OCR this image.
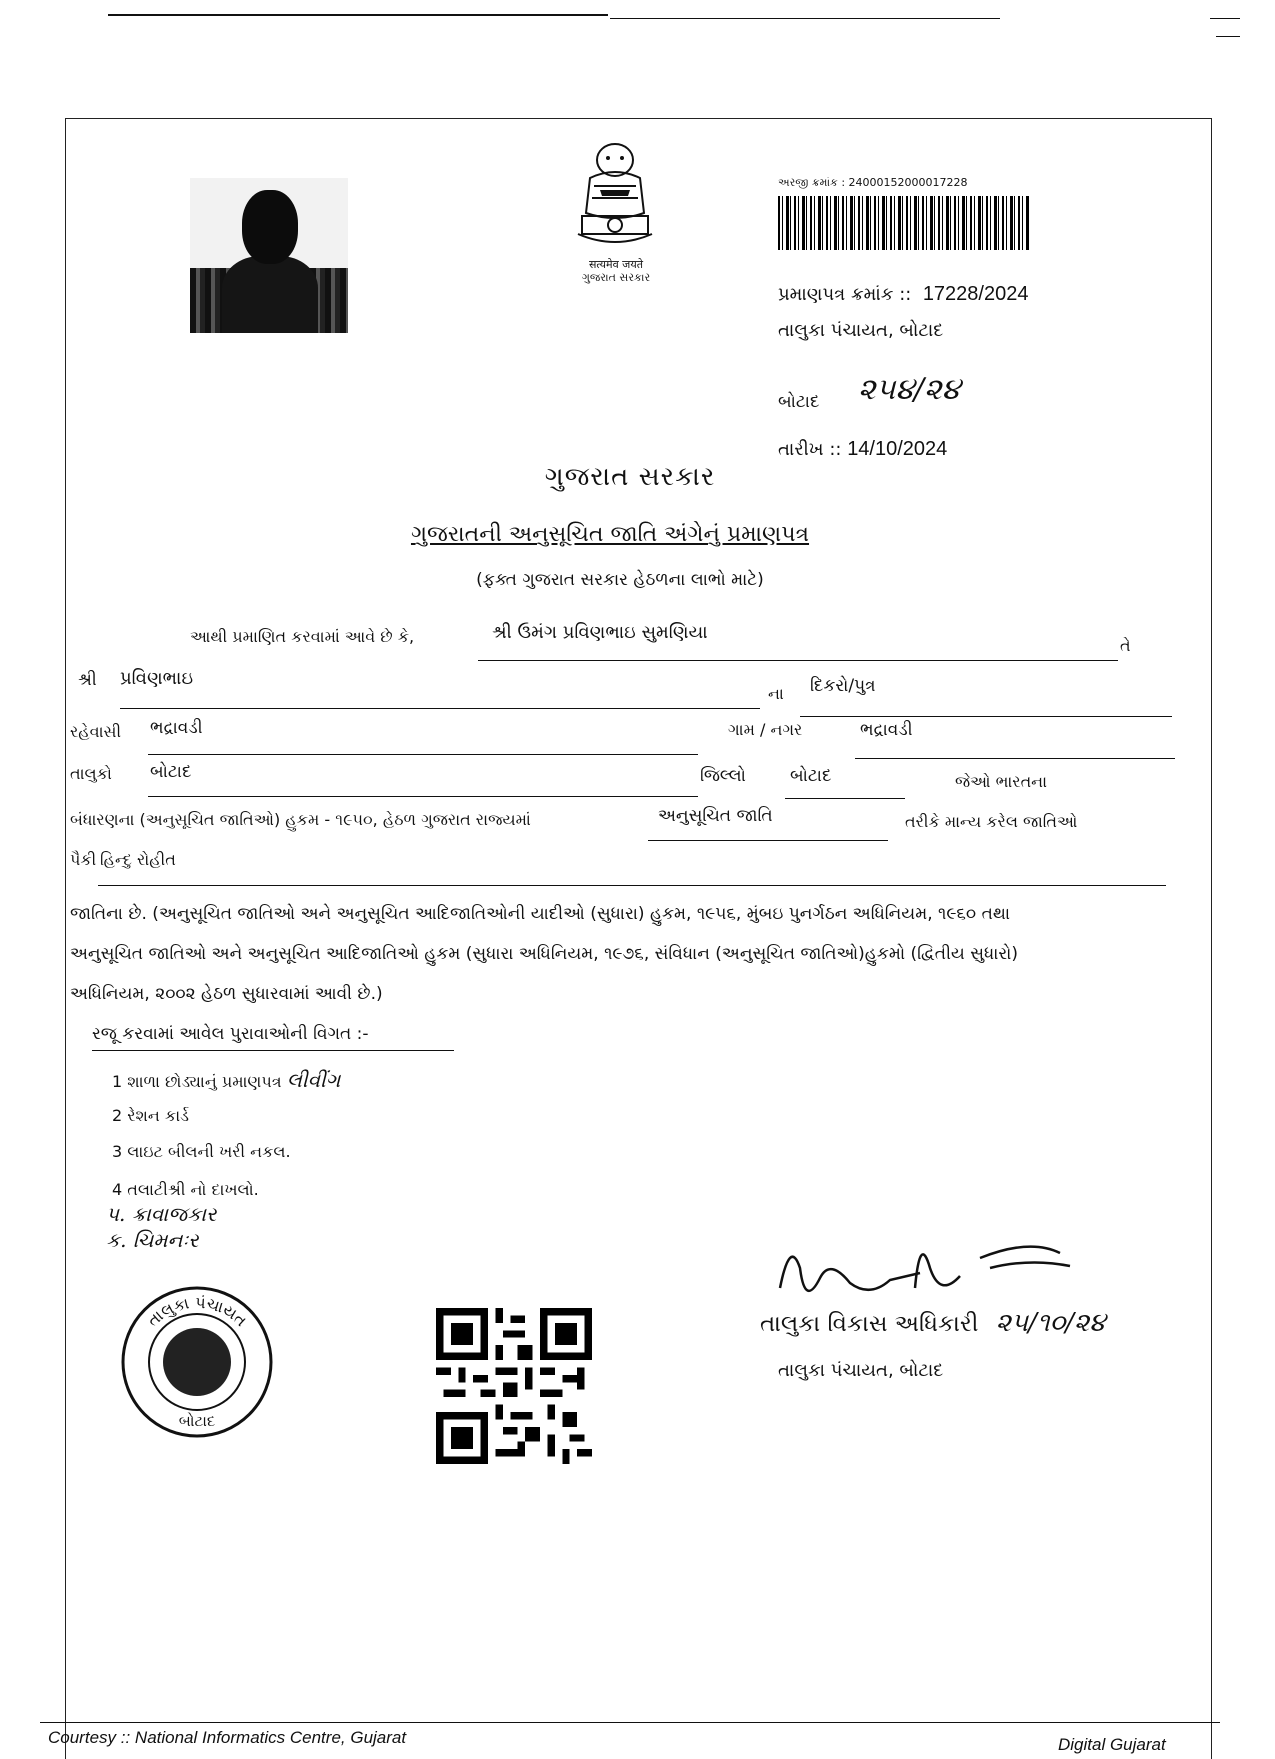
सत्यमेव जयते
ગુજરાત સરકાર
અરજી ક્રમાંક : 24000152000017228
પ્રમાણપત્ર ક્રમાંક :: 17228/2024
તાલુકા પંચાયત, બોટાદ
બોટાદ ૨૫૪/૨૪
તારીખ :: 14/10/2024
ગુજરાત સરકાર
ગુજરાતની અનુસૂચિત જાતિ અંગેનું પ્રમાણપત્ર
(ફક્ત ગુજરાત સરકાર હેઠળના લાભો માટે)
આથી પ્રમાણિત કરવામાં આવે છે કે,	શ્રી ઉમંગ પ્રવિણભાઇ સુમણિયા
તે
શ્રી પ્રવિણભાઇ
ના દિકરો/પુત્ર
રહેવાસી ભદ્રાવડી	ગામ / નગર	ભદ્રાવડી
તાલુકો બોટાદ	જિલ્લો	બોટાદ	જેઓ ભારતના
બંધારણના (અનુસૂચિત જાતિઓ) હુકમ - ૧૯૫૦, હેઠળ ગુજરાત રાજ્યમાં	અનુસૂચિત જાતિ	તરીકે માન્ય કરેલ જાતિઓ
પૈકી હિન્દુ રોહીત
જાતિના છે. (અનુસૂચિત જાતિઓ અને અનુસૂચિત આદિજાતિઓની યાદીઓ (સુધારા) હુકમ, ૧૯૫૬, મુંબઇ પુનર્ગઠન અધિનિયમ, ૧૯૬૦ તથા
અનુસૂચિત જાતિઓ અને અનુસૂચિત આદિજાતિઓ હુકમ (સુધારા અધિનિયમ, ૧૯૭૬, સંવિધાન (અનુસૂચિત જાતિઓ)હુકમો (દ્વિતીય સુધારો)
અધિનિયમ, ૨૦૦૨ હેઠળ સુધારવામાં આવી છે.)
રજૂ કરવામાં આવેલ પુરાવાઓની વિગત :-
1 શાળા છોડ્યાનું પ્રમાણપત્ર લીવીંગ
2 રેશન કાર્ડ
3 લાઇટ બીલની ખરી નકલ.
4 તલાટીશ્રી નો દાખલો.
પ. ક્રાવાજકાર
ક. ચિમનઃર
તાલુકા પંચાયત
બોટાદ
તાલુકા વિકાસ અધિકારી ૨૫/૧૦/૨૪
તાલુકા પંચાયત, બોટાદ
Courtesy :: National Informatics Centre, Gujarat	Digital Gujarat
